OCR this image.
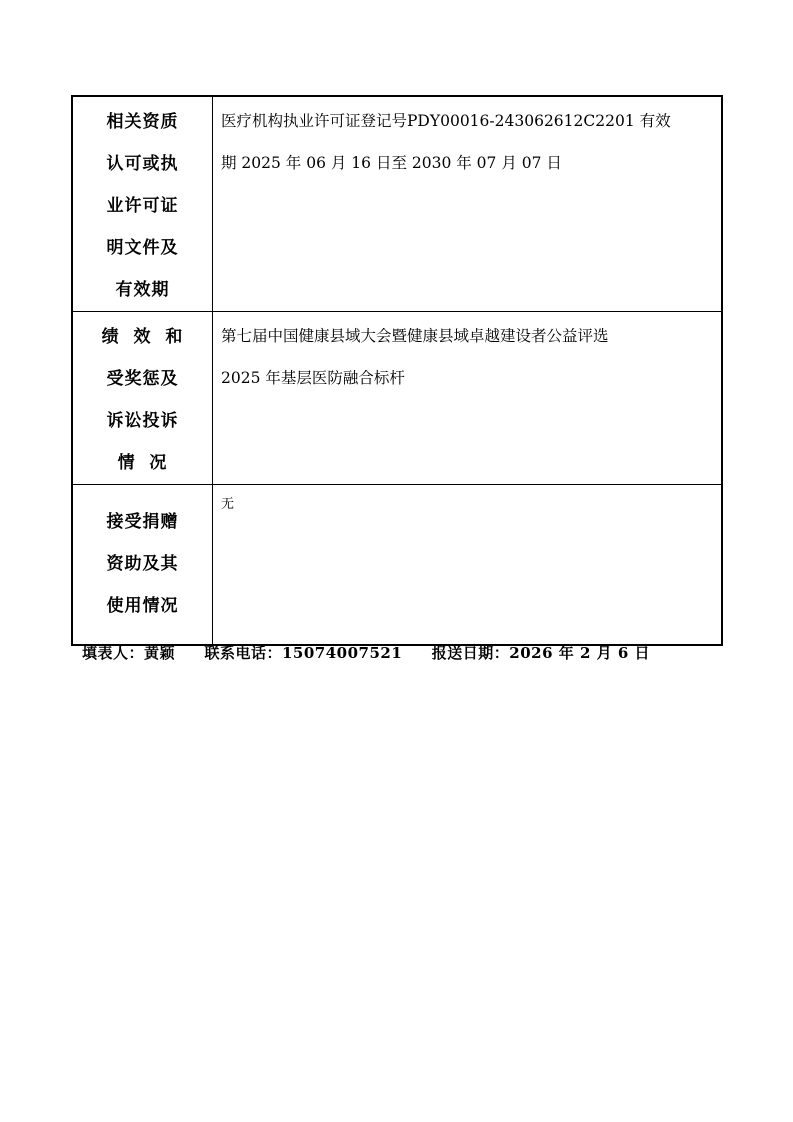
相关资质
认可或执
业许可证
明文件及
有效期	医疗机构执业许可证登记号PDY00016-243062612C2201 有效
期 2025 年 06 月 16 日至 2030 年 07 月 07 日

绩  效  和
受奖惩及
诉讼投诉
情  况	第七届中国健康县域大会暨健康县域卓越建设者公益评选
2025 年基层医防融合标杆

接受捐赠
资助及其
使用情况	无
填表人：黄颖 联系电话：15074007521 报送日期：2026 年 2 月 6 日
